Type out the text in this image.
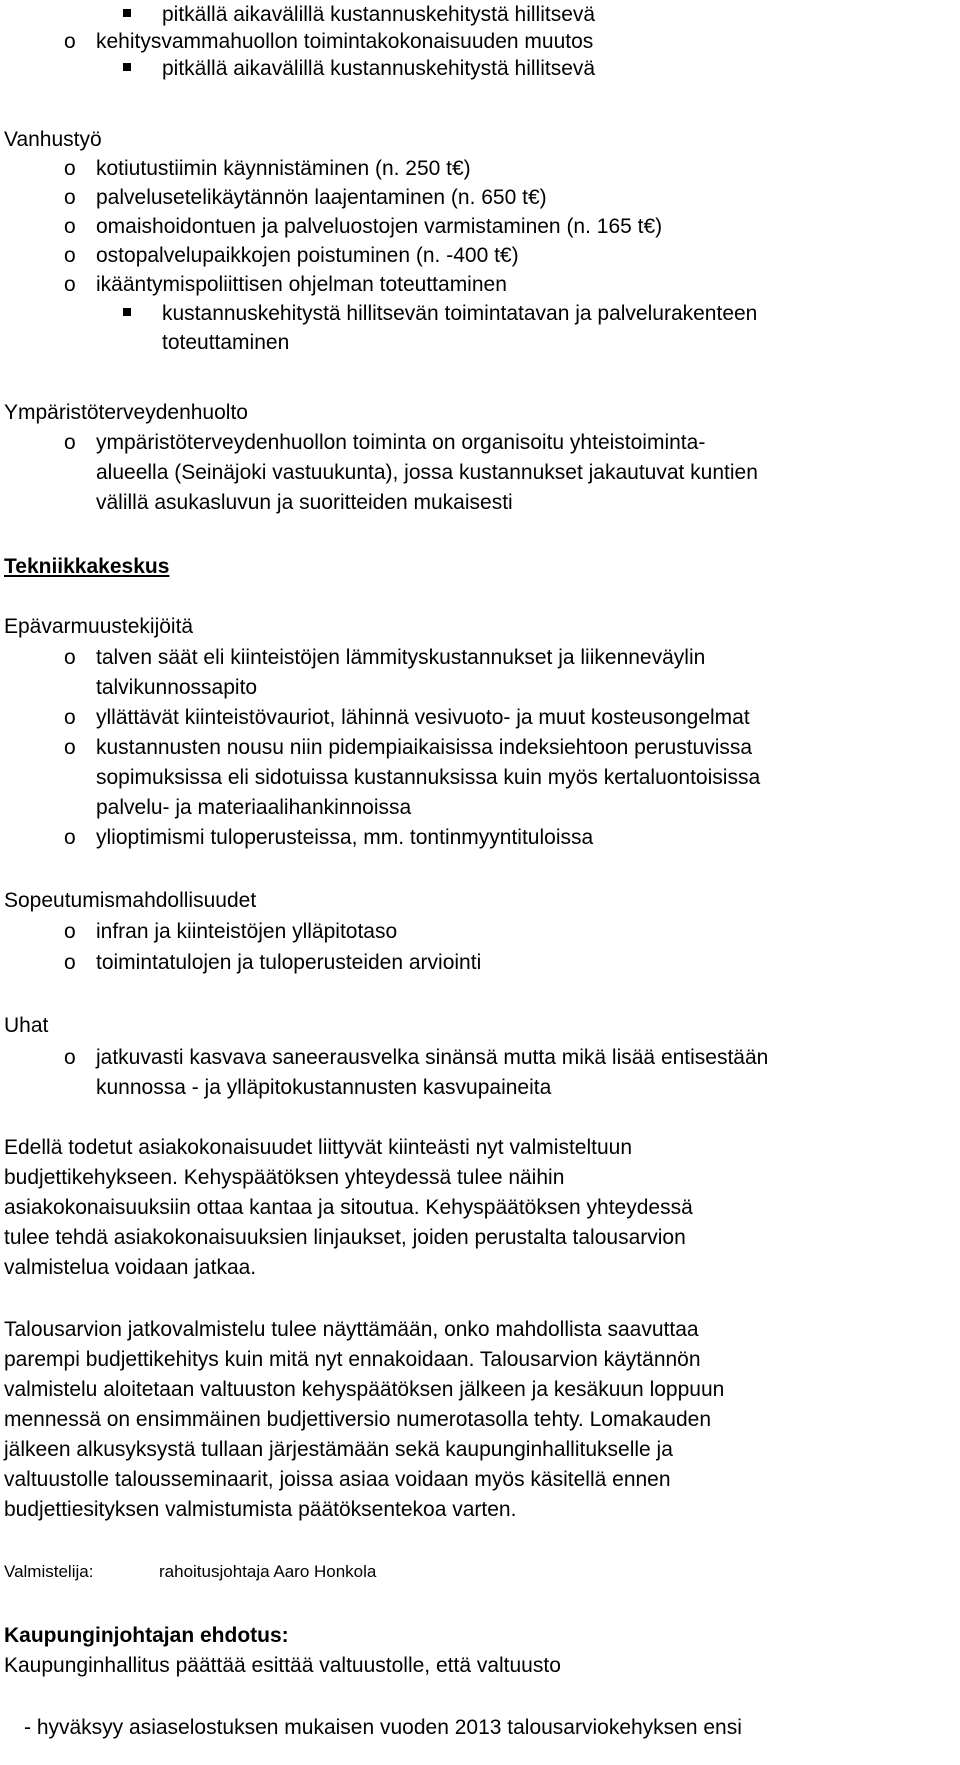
pitkällä aikavälillä kustannuskehitystä hillitsevä
o kehitysvammahuollon toimintakokonaisuuden muutos
pitkällä aikavälillä kustannuskehitystä hillitsevä
Vanhustyö
o kotiutustiimin käynnistäminen (n. 250 t€)
o palvelusetelikäytännön laajentaminen (n. 650 t€)
o omaishoidontuen ja palveluostojen varmistaminen (n. 165 t€)
o ostopalvelupaikkojen poistuminen (n. -400 t€)
o ikääntymispoliittisen ohjelman toteuttaminen
kustannuskehitystä hillitsevän toimintatavan ja palvelurakenteen
toteuttaminen
Ympäristöterveydenhuolto
o ympäristöterveydenhuollon toiminta on organisoitu yhteistoiminta-
alueella (Seinäjoki vastuukunta), jossa kustannukset jakautuvat kuntien
välillä asukasluvun ja suoritteiden mukaisesti
Tekniikkakeskus
Epävarmuustekijöitä
o talven säät eli kiinteistöjen lämmityskustannukset ja liikenneväylin
talvikunnossapito
o yllättävät kiinteistövauriot, lähinnä vesivuoto- ja muut kosteusongelmat
o kustannusten nousu niin pidempiaikaisissa indeksiehtoon perustuvissa
sopimuksissa eli sidotuissa kustannuksissa kuin myös kertaluontoisissa
palvelu- ja materiaalihankinnoissa
o ylioptimismi tuloperusteissa, mm. tontinmyyntituloissa
Sopeutumismahdollisuudet
o infran ja kiinteistöjen ylläpitotaso
o toimintatulojen ja tuloperusteiden arviointi
Uhat
o jatkuvasti kasvava saneerausvelka sinänsä mutta mikä lisää entisestään
kunnossa - ja ylläpitokustannusten kasvupaineita
Edellä todetut asiakokonaisuudet liittyvät kiinteästi nyt valmisteltuun
budjettikehykseen. Kehyspäätöksen yhteydessä tulee näihin
asiakokonaisuuksiin ottaa kantaa ja sitoutua. Kehyspäätöksen yhteydessä
tulee tehdä asiakokonaisuuksien linjaukset, joiden perustalta talousarvion
valmistelua voidaan jatkaa.
Talousarvion jatkovalmistelu tulee näyttämään, onko mahdollista saavuttaa
parempi budjettikehitys kuin mitä nyt ennakoidaan. Talousarvion käytännön
valmistelu aloitetaan valtuuston kehyspäätöksen jälkeen ja kesäkuun loppuun
mennessä on ensimmäinen budjettiversio numerotasolla tehty. Lomakauden
jälkeen alkusyksystä tullaan järjestämään sekä kaupunginhallitukselle ja
valtuustolle talousseminaarit, joissa asiaa voidaan myös käsitellä ennen
budjettiesityksen valmistumista päätöksentekoa varten.
Valmistelija:	rahoitusjohtaja Aaro Honkola
Kaupunginjohtajan ehdotus:
Kaupunginhallitus päättää esittää valtuustolle, että valtuusto
- hyväksyy asiaselostuksen mukaisen vuoden 2013 talousarviokehyksen ensi
